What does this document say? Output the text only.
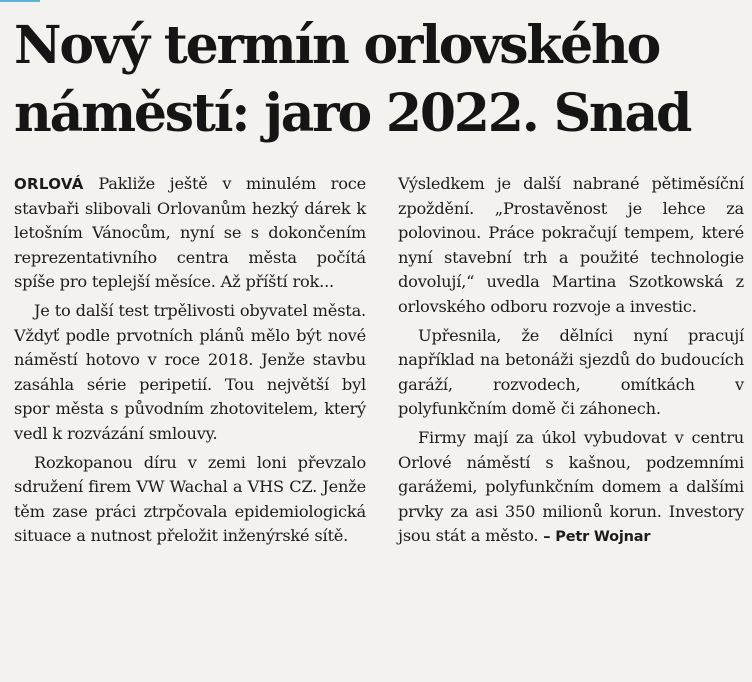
Nový termín orlovského
náměstí: jaro 2022. Snad

ORLOVÁ Pakliže ještě v minulém roce stavbaři slibovali Orlovanům hezký dárek k letošním Vánocům, nyní se s dokončením reprezentativního centra města počítá spíše pro teplejší měsíce. Až příští rok...

Je to další test trpělivosti obyvatel města. Vždyť podle prvotních plánů mělo být nové náměstí hotovo v roce 2018. Jenže stavbu zasáhla série peripetií. Tou největší byl spor města s původním zhotovitelem, který vedl k rozvázání smlouvy.

Rozkopanou díru v zemi loni převzalo sdružení firem VW Wachal a VHS CZ. Jenže těm zase práci ztrpčovala epidemiologická situace a nutnost přeložit inženýrské sítě.

Výsledkem je další nabrané pětiměsíční zpoždění. „Prostavěnost je lehce za polovinou. Práce pokračují tempem, které nyní stavební trh a použité technologie dovolují,“ uvedla Martina Szotkowská z orlovského odboru rozvoje a investic.

Upřesnila, že dělníci nyní pracují například na betonáži sjezdů do budoucích garáží, rozvodech, omítkách v polyfunkčním domě či záhonech.

Firmy mají za úkol vybudovat v centru Orlové náměstí s kašnou, podzemními garážemi, polyfunkčním domem a dalšími prvky za asi 350 milionů korun. Investory jsou stát a město. – Petr Wojnar
